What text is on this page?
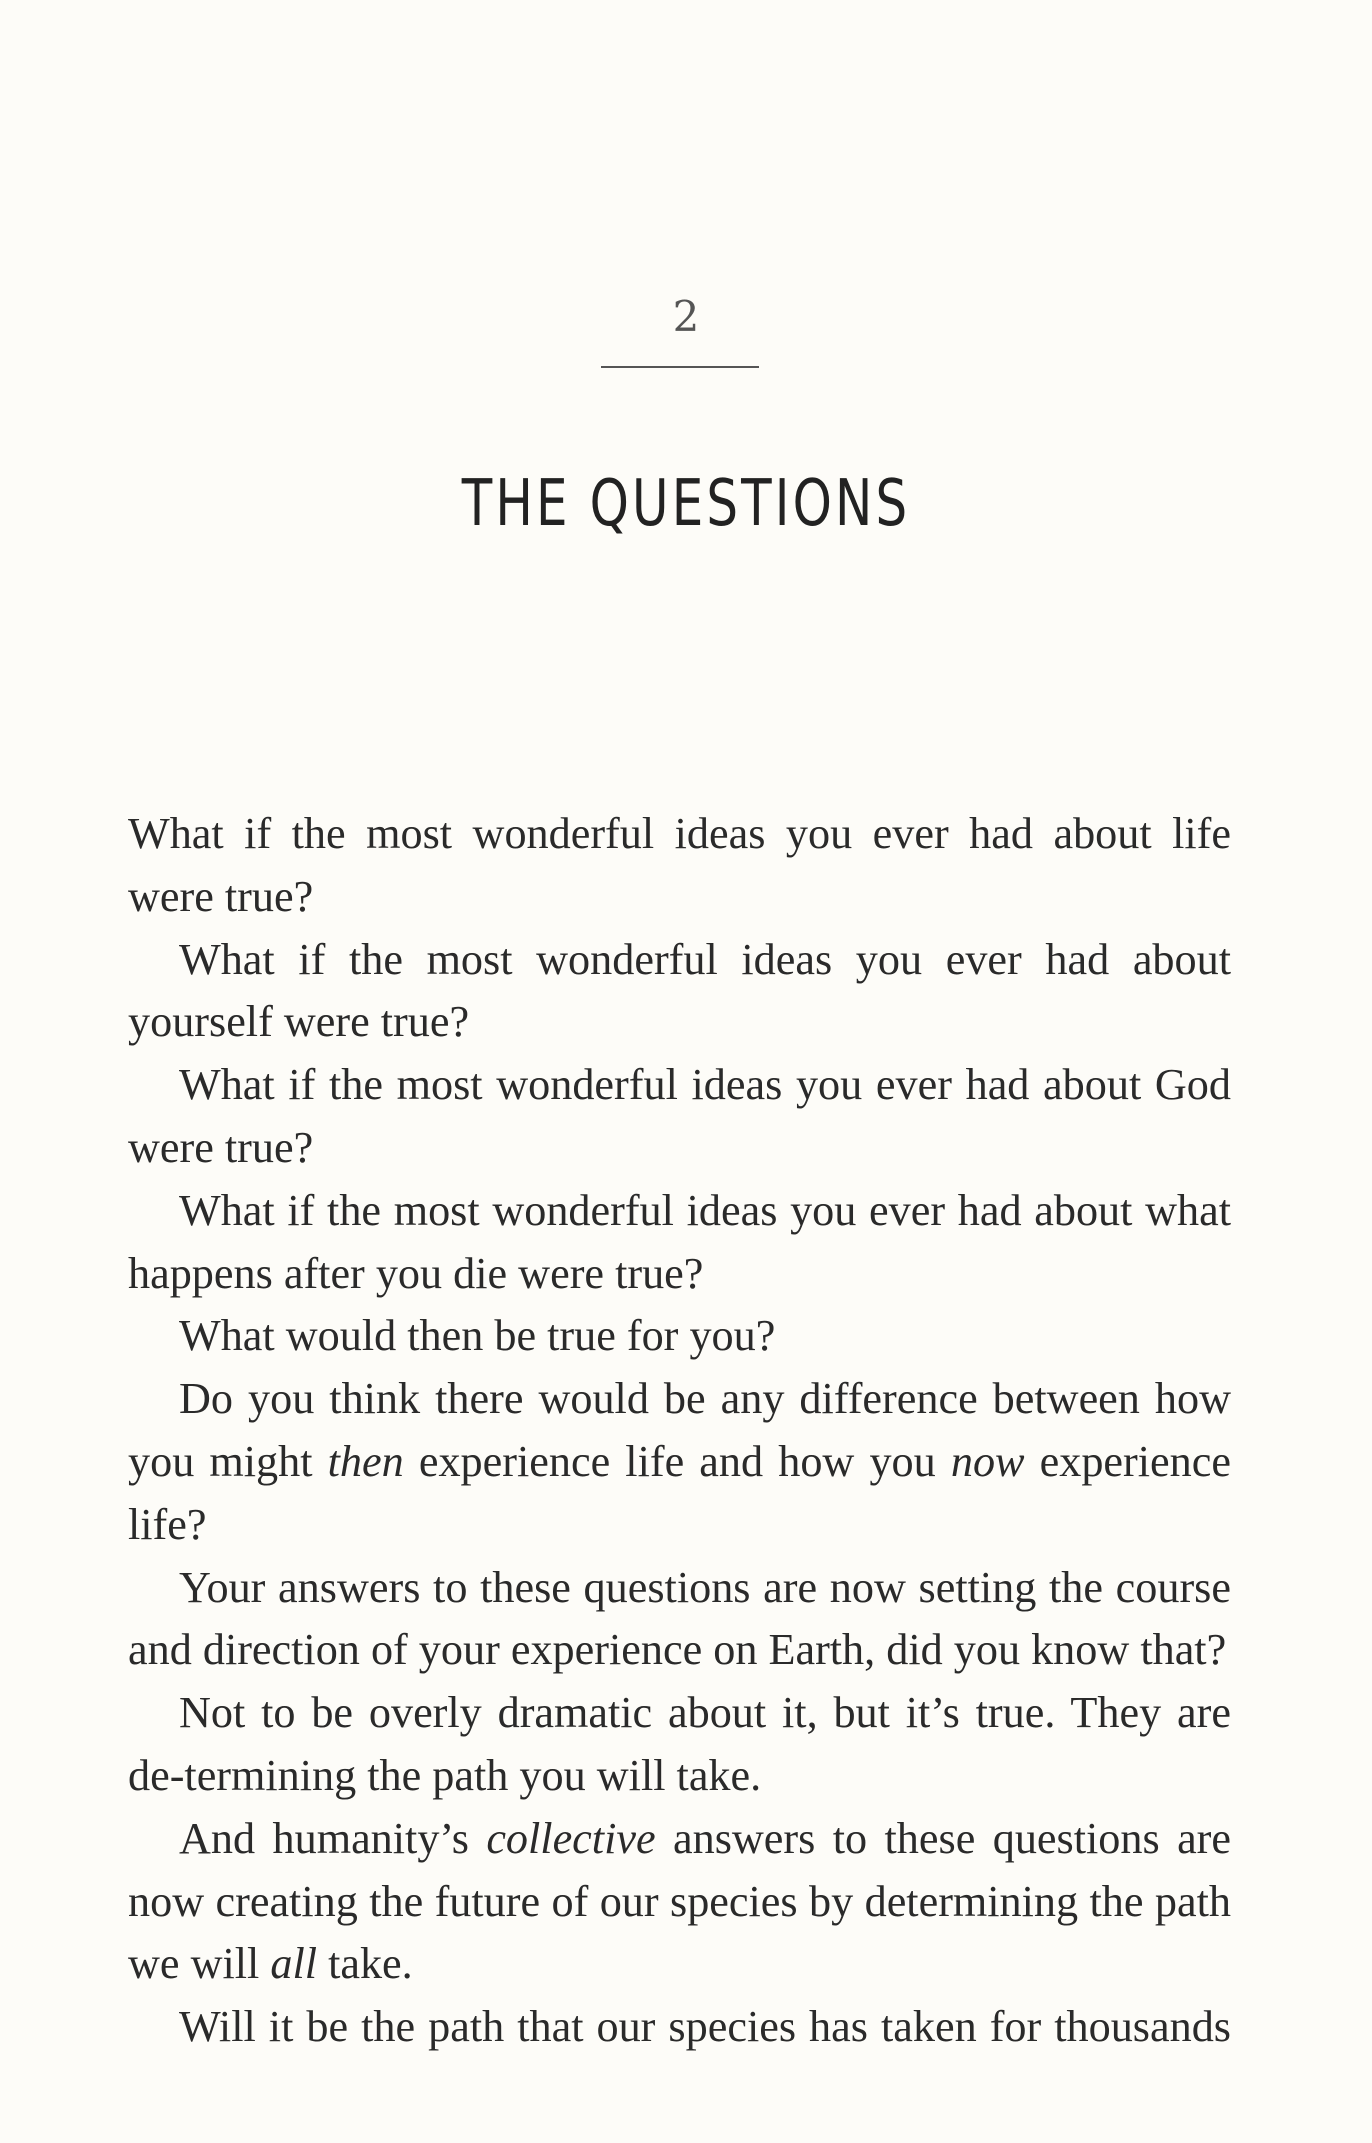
2
THE QUESTIONS

What if the most wonderful ideas you ever had about life were true?

What if the most wonderful ideas you ever had about yourself were true?

What if the most wonderful ideas you ever had about God were true?

What if the most wonderful ideas you ever had about what happens after you die were true?

What would then be true for you?

Do you think there would be any difference between how you might then experience life and how you now experience life?

Your answers to these questions are now setting the course and direction of your experience on Earth, did you know that?

Not to be overly dramatic about it, but it’s true. They are de-termining the path you will take.

And humanity’s collective answers to these questions are now creating the future of our species by determining the path we will all take.

Will it be the path that our species has taken for thousands
